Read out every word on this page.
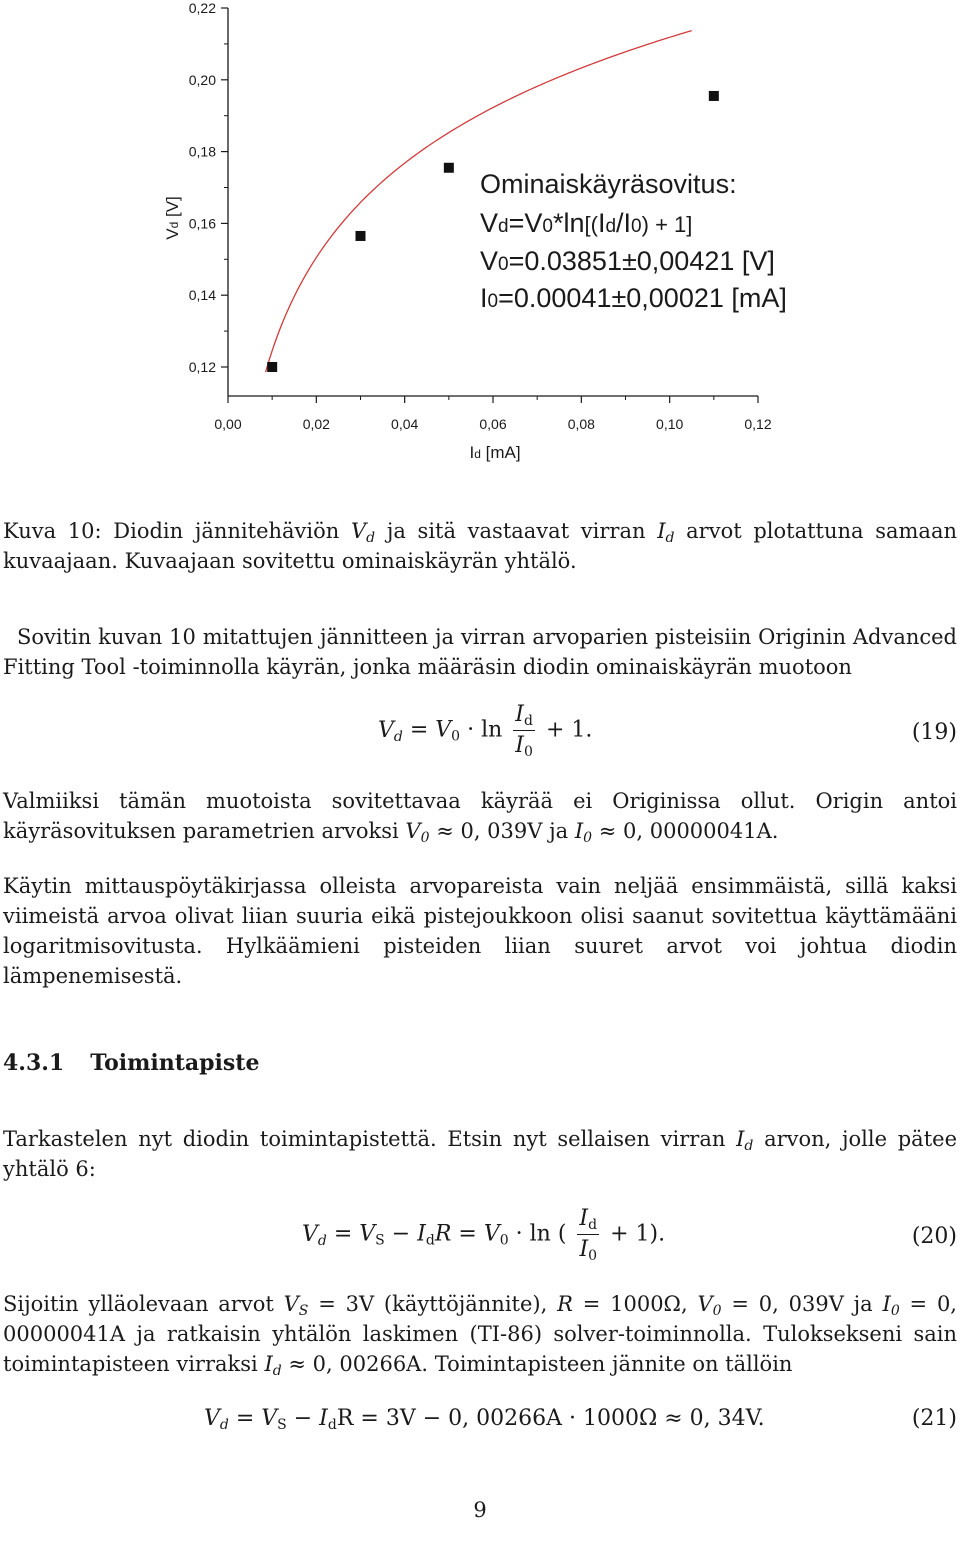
0,12
0,14
0,16
0,18
0,20
0,22
0,00	0,02	0,04	0,06	0,08	0,10	0,12
Id [mA]
Vd [V]
Ominaiskäyräsovitus:
Vd=V0*ln[(Id/I0) + 1]
V0=0.03851±0,00421 [V]
I0=0.00041±0,00021 [mA]

Kuva 10: Diodin jännitehäviön $V_d$ ja sitä vastaavat virran $I_d$ arvot plotattuna samaan kuvaajaan. Kuvaajaan sovitettu ominaiskäyrän yhtälö.

Sovitin kuvan 10 mitattujen jännitteen ja virran arvoparien pisteisiin Originin Advanced Fitting Tool -toiminnolla käyrän, jonka määräsin diodin ominaiskäyrän muotoon

$V_d = V_0 \cdot \ln \frac{I_d}{I_0} + 1$.	(19)

Valmiiksi tämän muotoista sovitettavaa käyrää ei Originissa ollut. Origin antoi käyräsovituksen parametrien arvoksi $V_0 \approx 0$, 039V ja $I_0 \approx 0$, 00000041A.

Käytin mittauspöytäkirjassa olleista arvopareista vain neljää ensimmäistä, sillä kaksi viimeistä arvoa olivat liian suuria eikä pistejoukkoon olisi saanut sovitettua käyttämääni logaritmisovitusta. Hylkäämieni pisteiden liian suuret arvot voi johtua diodin lämpenemisestä.

4.3.1 Toimintapiste

Tarkastelen nyt diodin toimintapistettä. Etsin nyt sellaisen virran $I_d$ arvon, jolle pätee yhtälö 6:

$V_d = V_S - I_dR = V_0 \cdot \ln$ ( $\frac{I_d}{I_0} + 1$).	(20)

Sijoitin ylläolevaan arvot $V_S = 3V$ (käyttöjännite), R = 1000Ω, $V_0 = 0$, 039V ja $I_0 = 0$, 00000041A ja ratkaisin yhtälön laskimen (TI-86) solver-toiminnolla. Tuloksekseni sain toimintapisteen virraksi $I_d \approx 0$, 00266A. Toimintapisteen jännite on tällöin

$V_d = V_S - I_dR = 3V - 0$, 00266A · 1000Ω ≈ 0, 34V.	(21)
9
